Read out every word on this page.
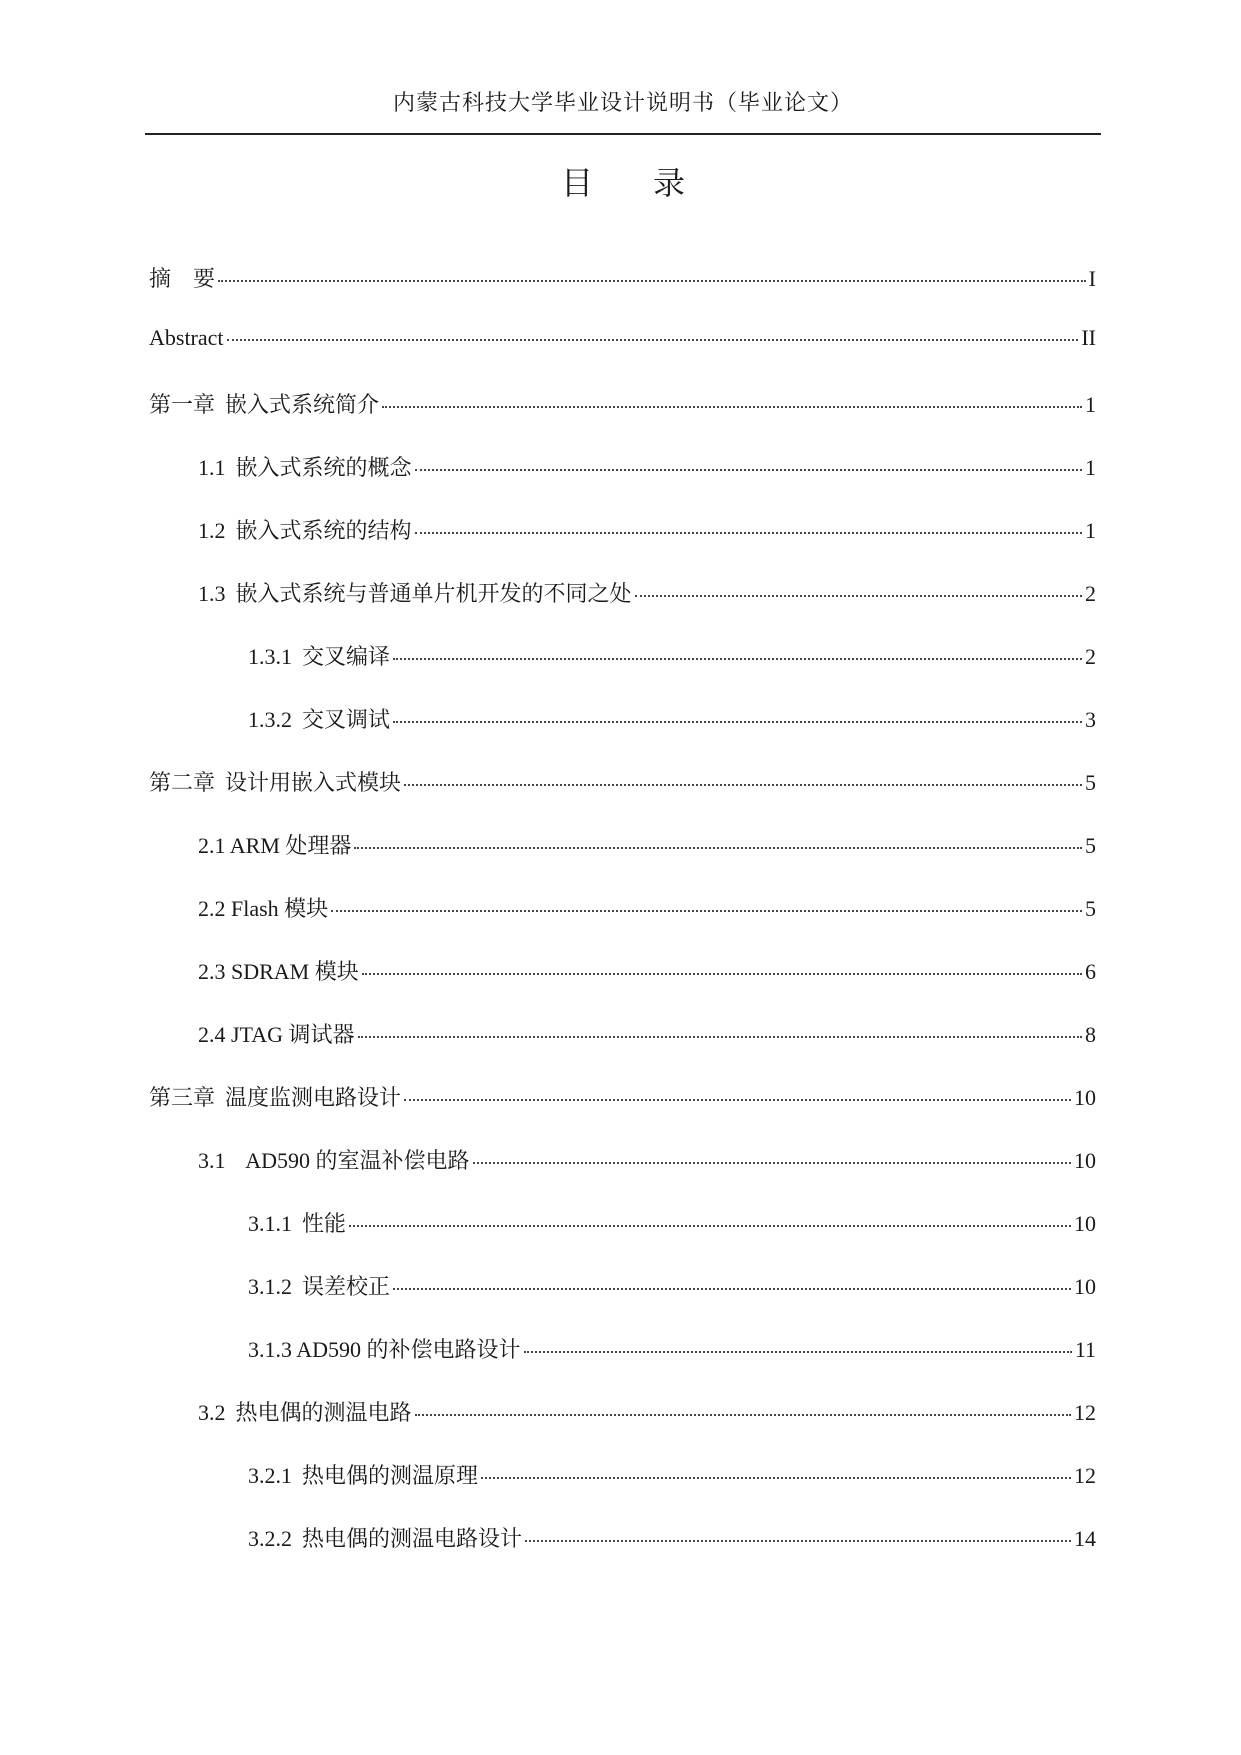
内蒙古科技大学毕业设计说明书（毕业论文）
目 录
摘    要	I
Abstract	II
第一章 嵌入式系统简介	1
1.1 嵌入式系统的概念	1
1.2 嵌入式系统的结构	1
1.3 嵌入式系统与普通单片机开发的不同之处	2
1.3.1 交叉编译	2
1.3.2 交叉调试	3
第二章 设计用嵌入式模块	5
2.1 ARM 处理器	5
2.2 Flash 模块	5
2.3 SDRAM 模块	6
2.4 JTAG 调试器	8
第三章 温度监测电路设计	10
3.1 AD590 的室温补偿电路	10
3.1.1 性能	10
3.1.2 误差校正	10
3.1.3 AD590 的补偿电路设计	11
3.2 热电偶的测温电路	12
3.2.1 热电偶的测温原理	12
3.2.2 热电偶的测温电路设计	14
